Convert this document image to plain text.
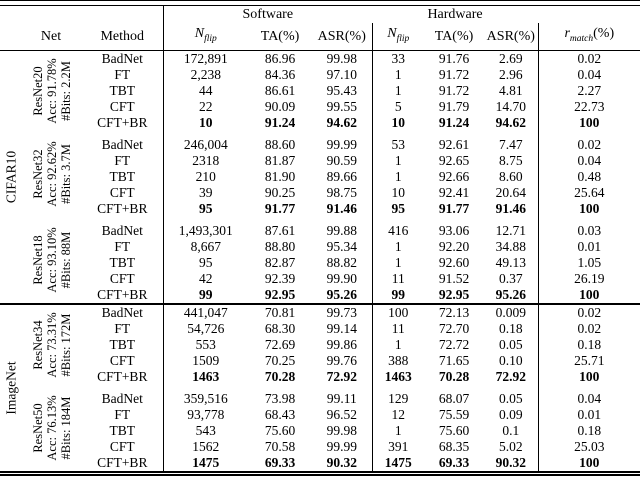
			Software			Hardware			
Net		Method	$N_{flip}$	TA(%)	ASR(%)	$N_{flip}$	TA(%)	ASR(%)	$r_{match}(\%)$

CIFAR10	ResNet20 Acc: 91.78% #Bits: 2.2M	BadNet	172,891	86.96	99.98	33	91.76	2.69	0.02
		FT	2,238	84.36	97.10	1	91.72	2.96	0.04
		TBT	44	86.61	95.43	1	91.72	4.81	2.27
		CFT	22	90.09	99.55	5	91.79	14.70	22.73
		CFT+BR	10	91.24	94.62	10	91.24	94.62	100

	ResNet32 Acc: 92.62% #Bits: 3.7M	BadNet	246,004	88.60	99.99	53	92.61	7.47	0.02
		FT	2318	81.87	90.59	1	92.65	8.75	0.04
		TBT	210	81.90	89.66	1	92.66	8.60	0.48
		CFT	39	90.25	98.75	10	92.41	20.64	25.64
		CFT+BR	95	91.77	91.46	95	91.77	91.46	100

	ResNet18 Acc: 93.10% #Bits: 88M	BadNet	1,493,301	87.61	99.88	416	93.06	12.71	0.03
		FT	8,667	88.80	95.34	1	92.20	34.88	0.01
		TBT	95	82.87	88.82	1	92.60	49.13	1.05
		CFT	42	92.39	99.90	11	91.52	0.37	26.19
		CFT+BR	99	92.95	95.26	99	92.95	95.26	100

ImageNet	ResNet34 Acc: 73.31% #Bits: 172M	BadNet	441,047	70.81	99.73	100	72.13	0.009	0.02
		FT	54,726	68.30	99.14	11	72.70	0.18	0.02
		TBT	553	72.69	99.86	1	72.72	0.05	0.18
		CFT	1509	70.25	99.76	388	71.65	0.10	25.71
		CFT+BR	1463	70.28	72.92	1463	70.28	72.92	100

	ResNet50 Acc: 76.13% #Bits: 184M	BadNet	359,516	73.98	99.11	129	68.07	0.05	0.04
		FT	93,778	68.43	96.52	12	75.59	0.09	0.01
		TBT	543	75.60	99.98	1	75.60	0.1	0.18
		CFT	1562	70.58	99.99	391	68.35	5.02	25.03
		CFT+BR	1475	69.33	90.32	1475	69.33	90.32	100
